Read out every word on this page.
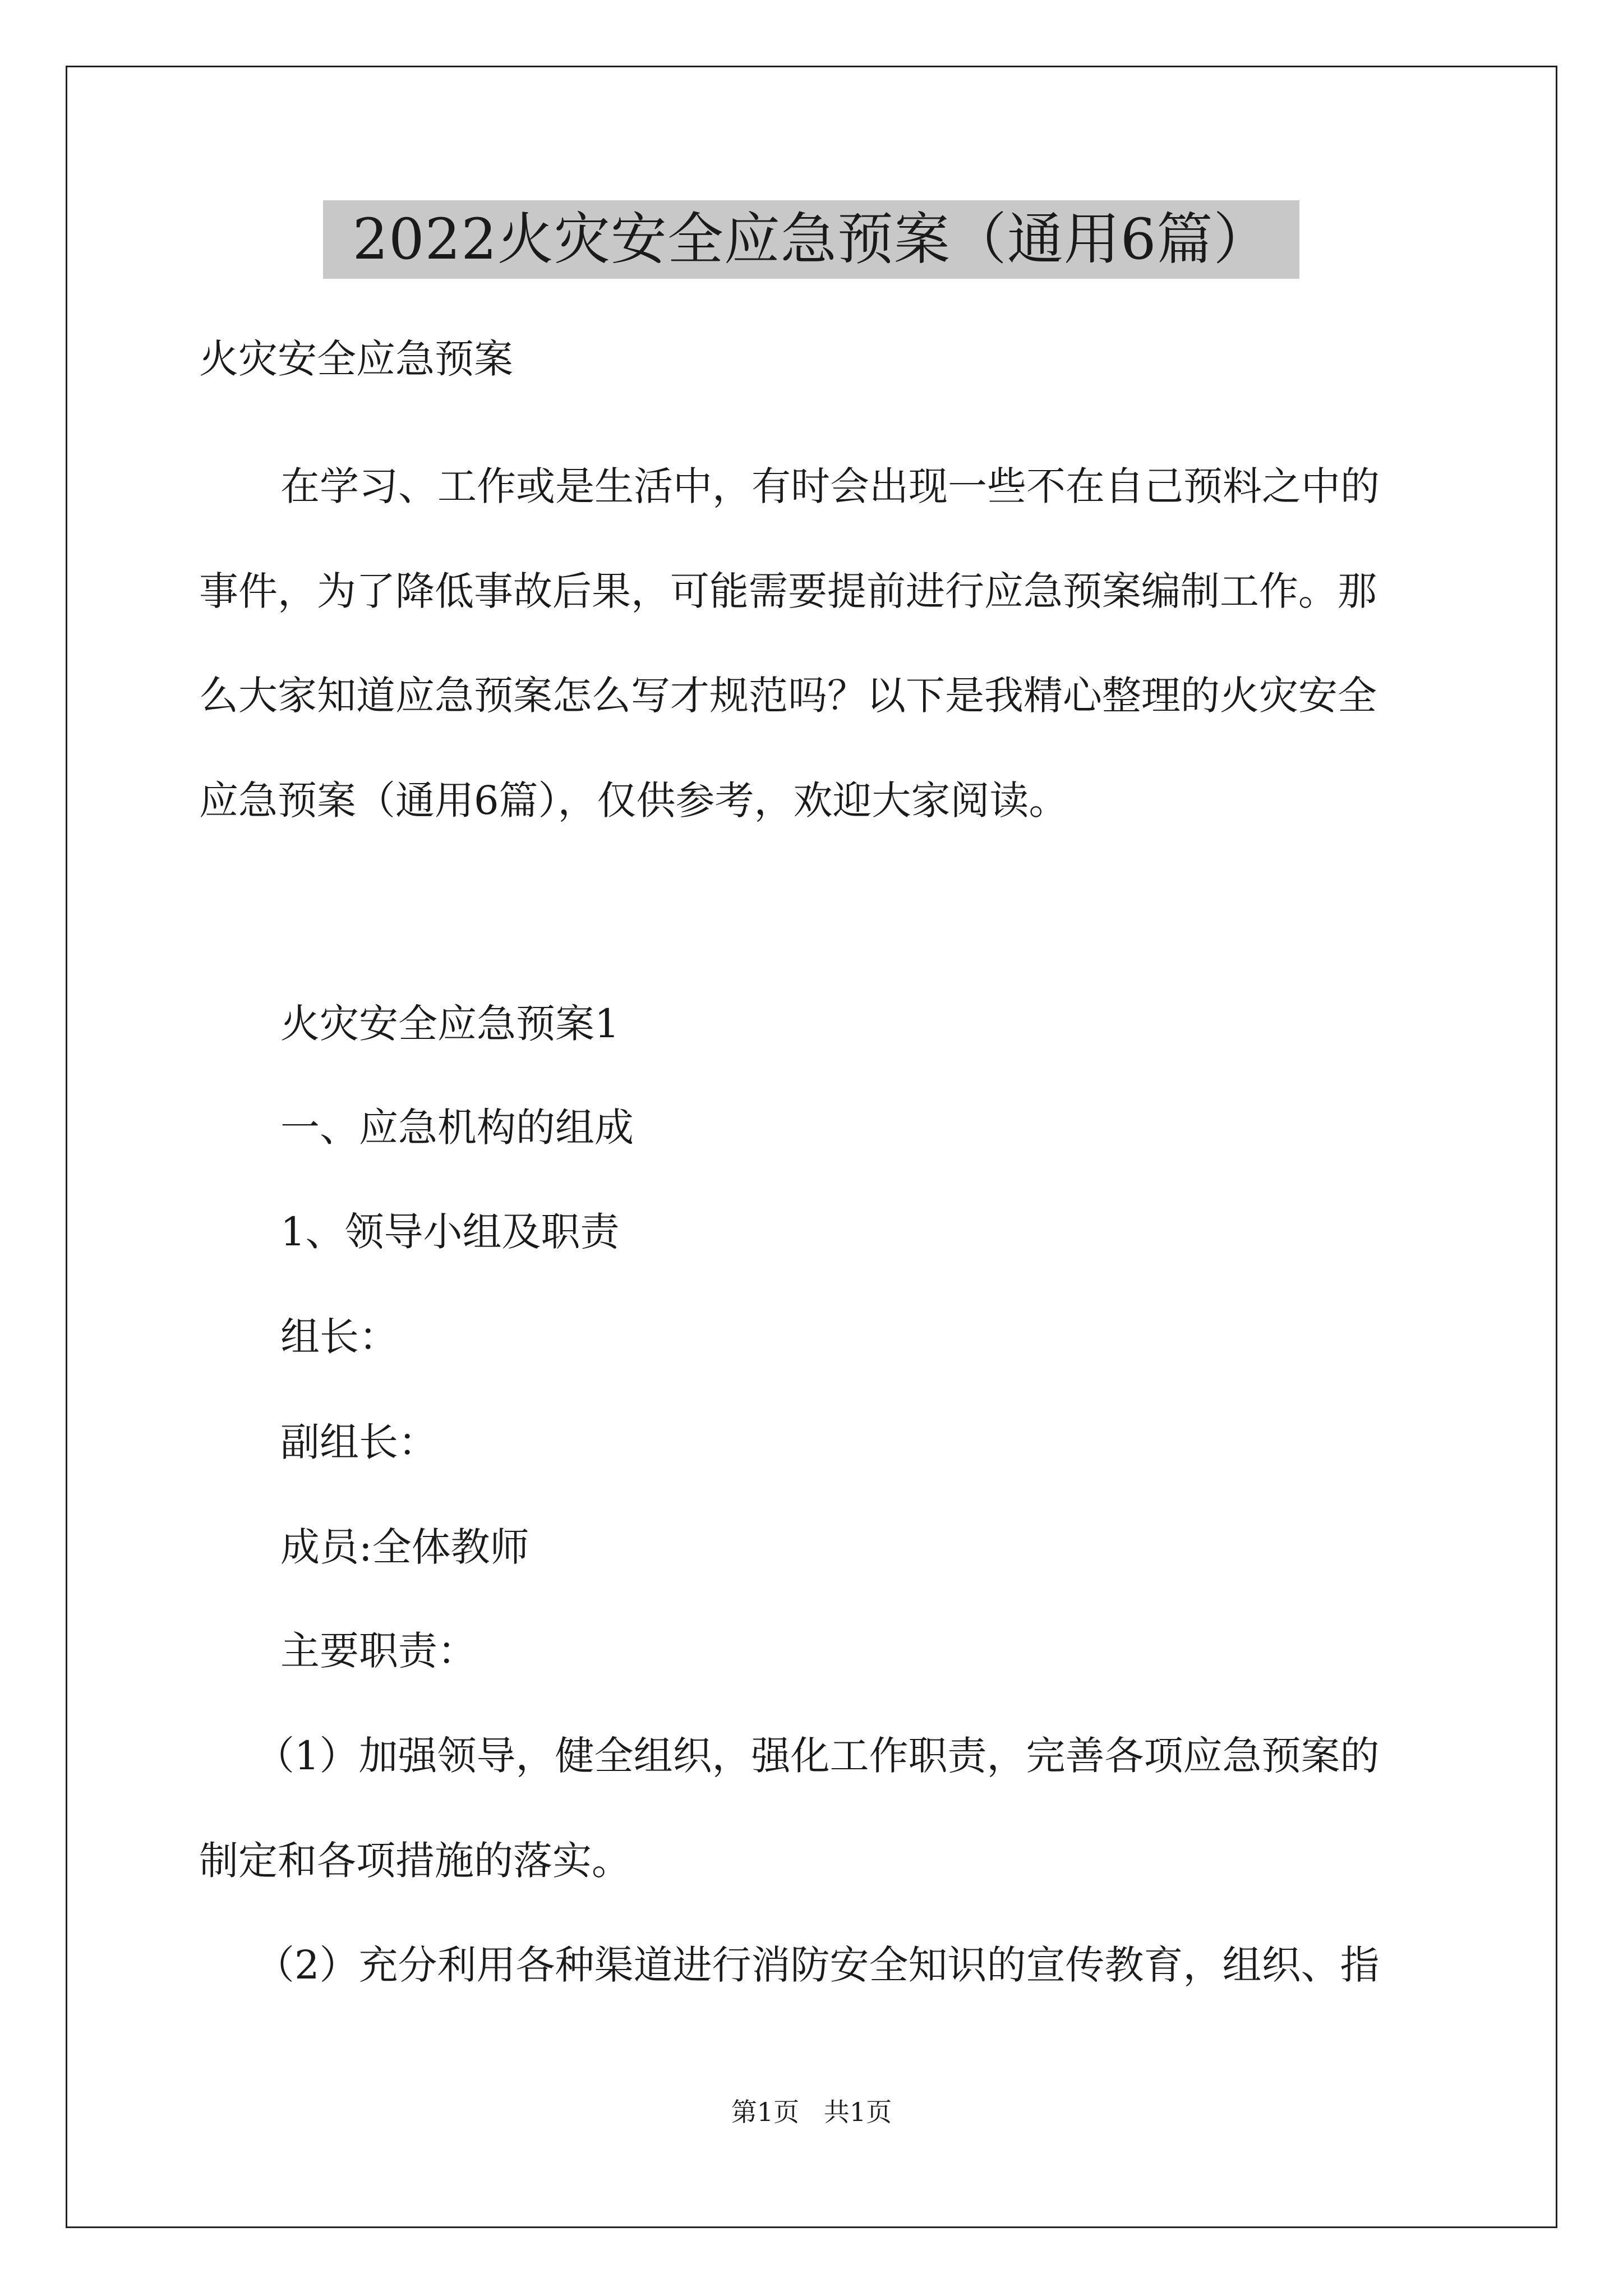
2022火灾安全应急预案（通用6篇）
火灾安全应急预案
在学习、工作或是生活中，有时会出现一些不在自己预料之中的
事件，为了降低事故后果，可能需要提前进行应急预案编制工作。那
么大家知道应急预案怎么写才规范吗？以下是我精心整理的火灾安全
应急预案（通用6篇），仅供参考，欢迎大家阅读。
火灾安全应急预案1
一、应急机构的组成
1、领导小组及职责
组长：
副组长：
成员:全体教师
主要职责：
（1）加强领导，健全组织，强化工作职责，完善各项应急预案的
制定和各项措施的落实。
（2）充分利用各种渠道进行消防安全知识的宣传教育，组织、指
第1页   共1页
